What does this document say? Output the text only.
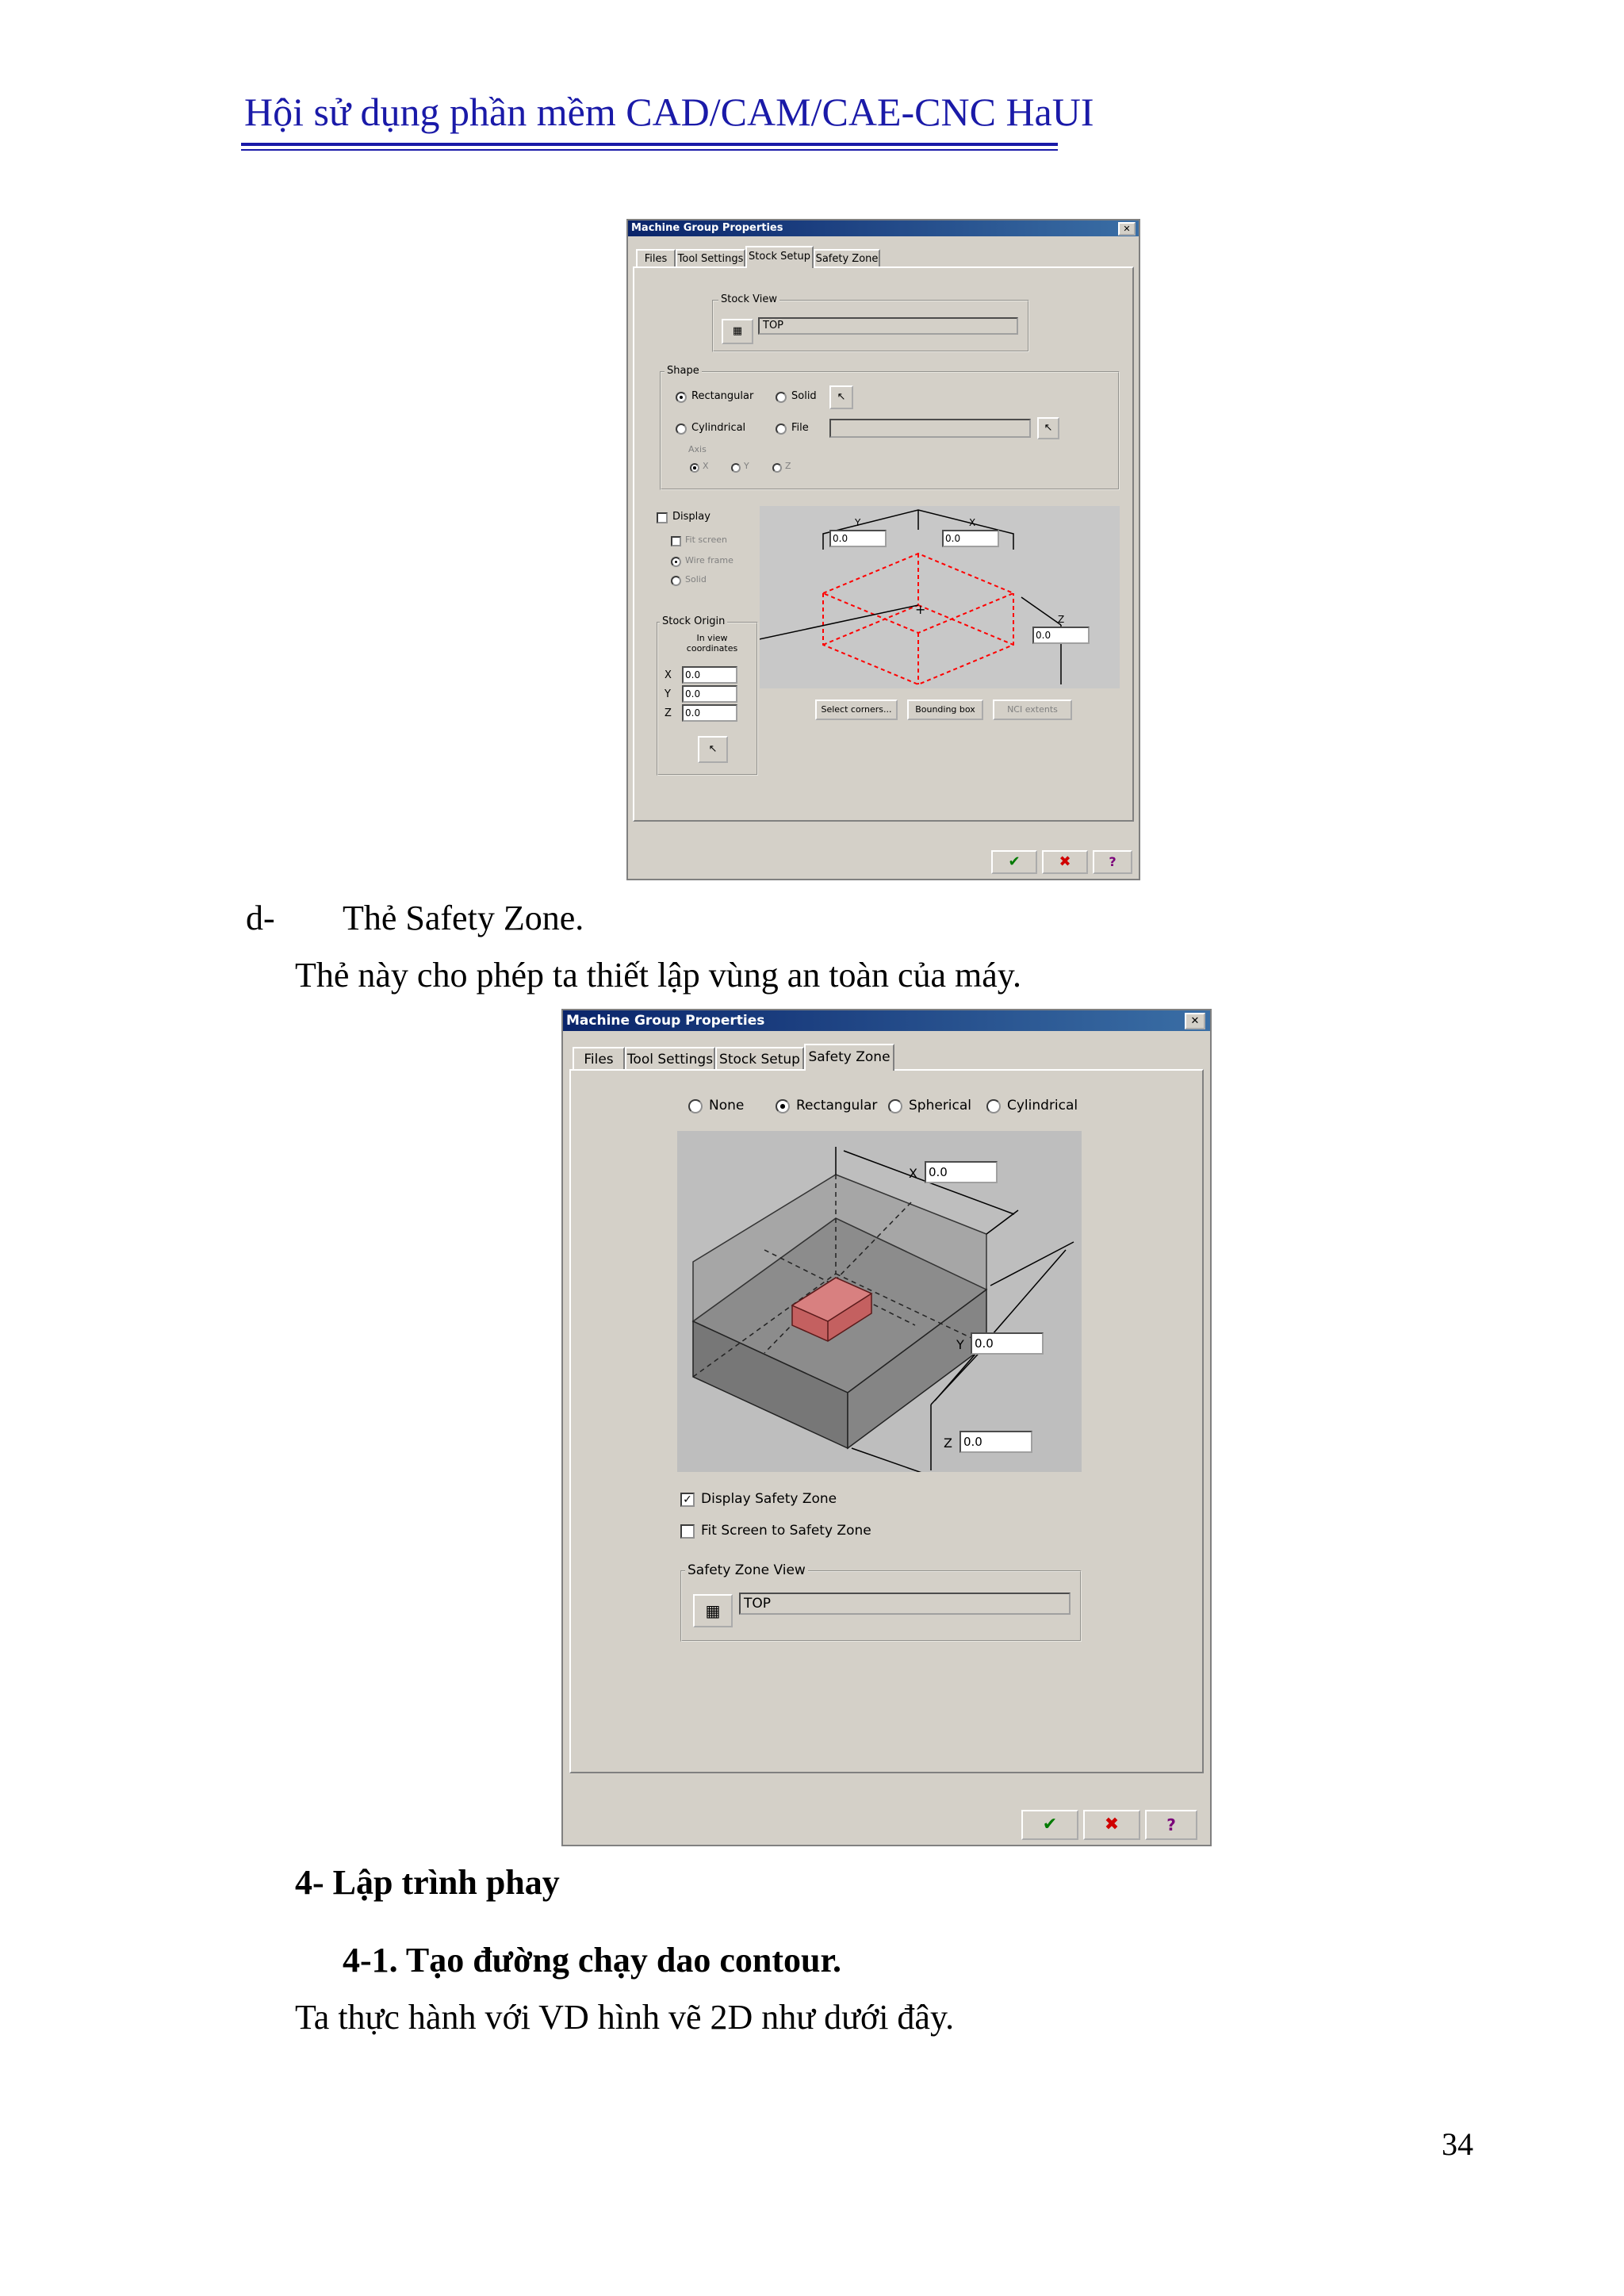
Hội sử dụng phần mềm CAD/CAM/CAE-CNC HaUI
Machine Group Properties	✕
Files	Tool Settings Stock Setup Safety Zone
Stock View
▦	TOP
Shape
Rectangular	Solid	↖
Cylindrical	File	↖
Axis
X	Y	Z
Display
Fit screen
Wire frame
Solid
Stock Origin
In view coordinates
X	0.0
Y	0.0
Z	0.0
↖
+
Y
0.0
X
0.0
Z
0.0
Select corners...	Bounding box	NCI extents
✔	✖	?
d- Thẻ Safety Zone.
Thẻ này cho phép ta thiết lập vùng an toàn của máy.
Machine Group Properties	✕
Files	Tool Settings Stock Setup Safety Zone
None	Rectangular Spherical	Cylindrical
X 0.0
Y 0.0
Z 0.0
✓ Display Safety Zone
Fit Screen to Safety Zone
Safety Zone View
▦	TOP
✔	✖	?
4- Lập trình phay
4-1. Tạo đường chạy dao contour.
Ta thực hành với VD hình vẽ 2D như dưới đây.
34
